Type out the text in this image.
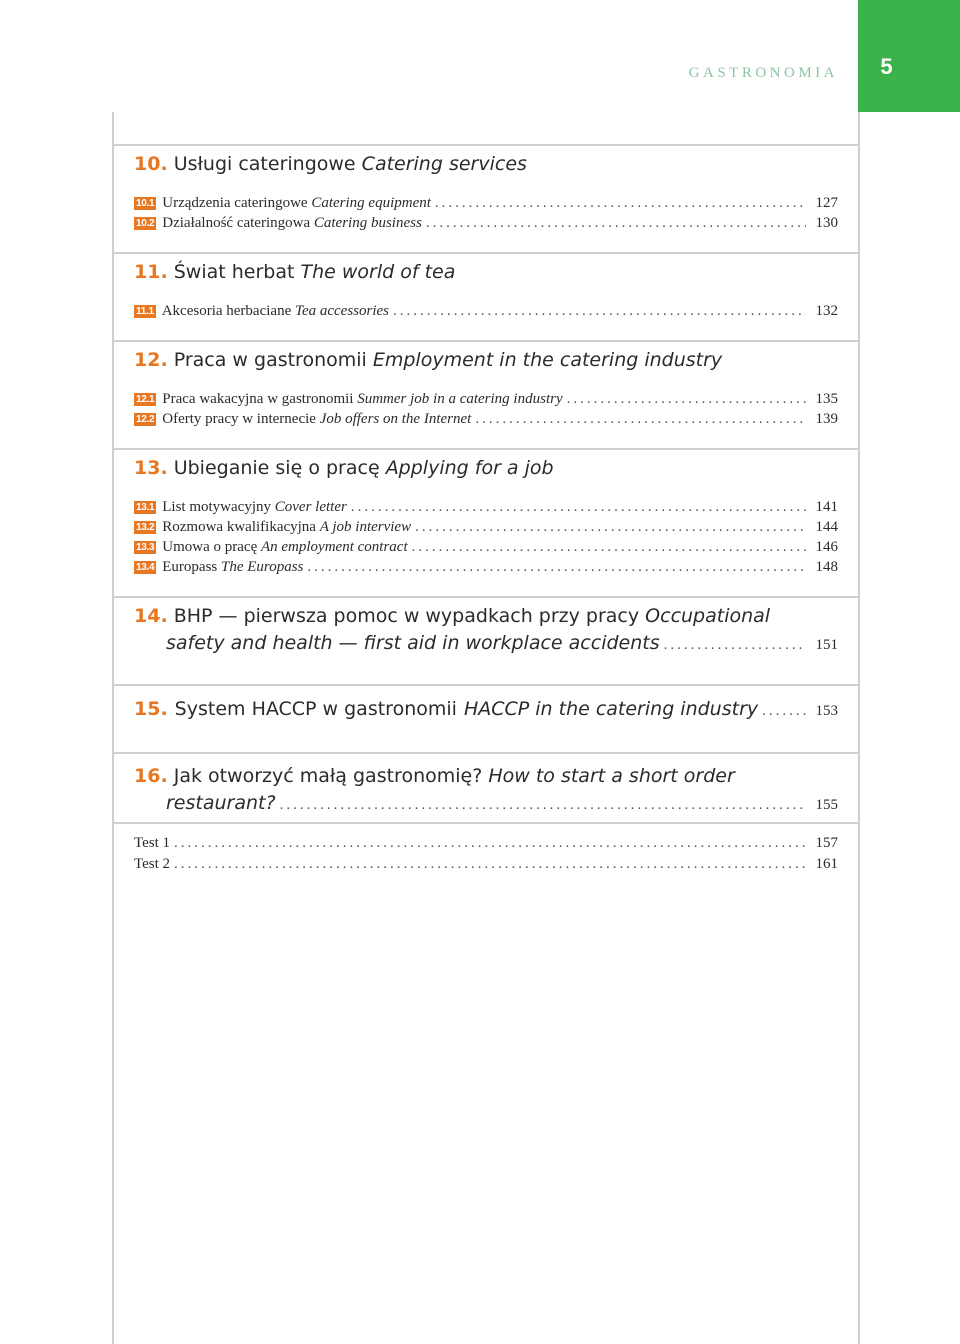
5
GASTRONOMIA
10. Usługi cateringowe Catering services
10.1 Urządzenia cateringowe Catering equipment .....	127
10.2 Działalność cateringowa Catering business .....	130
11. Świat herbat The world of tea
11.1 Akcesoria herbaciane Tea accessories .....	132
12. Praca w gastronomii Employment in the catering industry
12.1 Praca wakacyjna w gastronomii Summer job in a catering industry .....	135
12.2 Oferty pracy w internecie Job offers on the Internet .....	139
13. Ubieganie się o pracę Applying for a job
13.1 List motywacyjny Cover letter .....	141
13.2 Rozmowa kwalifikacyjna A job interview .....	144
13.3 Umowa o pracę An employment contract .....	146
13.4 Europass The Europass .....	148
14. BHP — pierwsza pomoc w wypadkach przy pracy Occupational
safety and health — first aid in workplace accidents .....	151
15. System HACCP w gastronomii HACCP in the catering industry .....	153
16. Jak otworzyć małą gastronomię? How to start a short order
restaurant? .....	155
Test 1 .....	157
Test 2 .....	161
